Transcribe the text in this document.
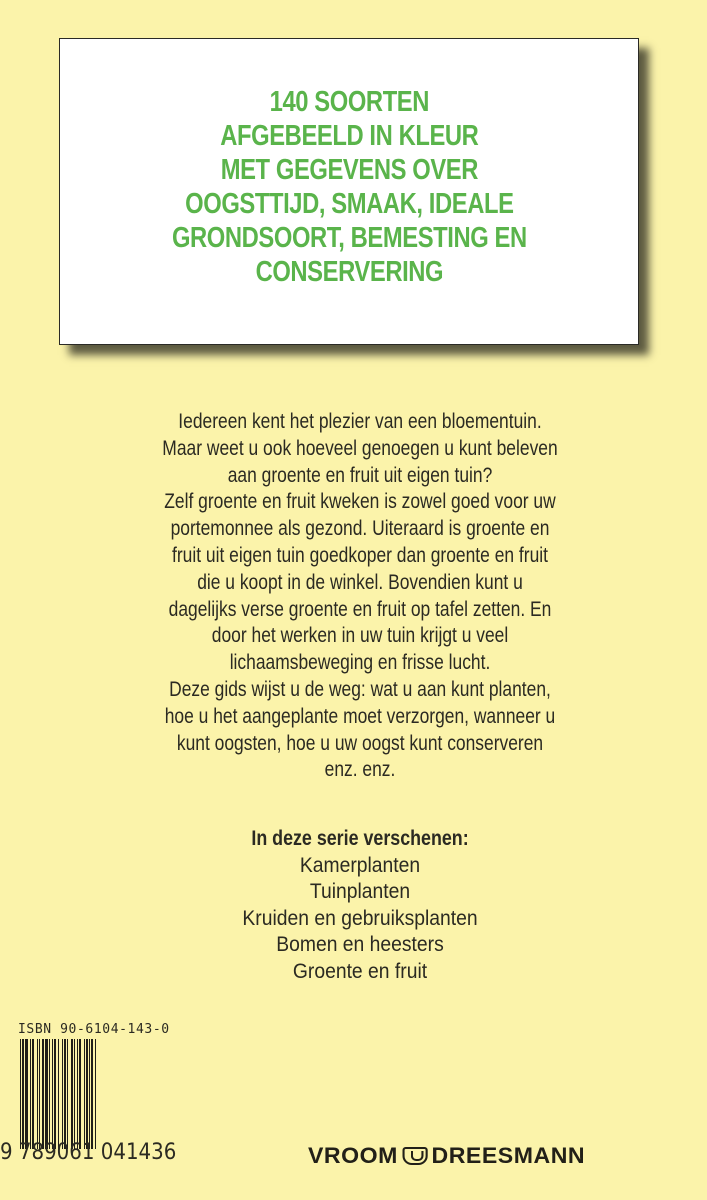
140 SOORTEN
AFGEBEELD IN KLEUR
MET GEGEVENS OVER
OOGSTTIJD, SMAAK, IDEALE
GRONDSOORT, BEMESTING EN
CONSERVERING
Iedereen kent het plezier van een bloementuin.
Maar weet u ook hoeveel genoegen u kunt beleven
aan groente en fruit uit eigen tuin?
Zelf groente en fruit kweken is zowel goed voor uw
portemonnee als gezond. Uiteraard is groente en
fruit uit eigen tuin goedkoper dan groente en fruit
die u koopt in de winkel. Bovendien kunt u
dagelijks verse groente en fruit op tafel zetten. En
door het werken in uw tuin krijgt u veel
lichaamsbeweging en frisse lucht.
Deze gids wijst u de weg: wat u aan kunt planten,
hoe u het aangeplante moet verzorgen, wanneer u
kunt oogsten, hoe u uw oogst kunt conserveren
enz. enz.
In deze serie verschenen:
Kamerplanten
Tuinplanten
Kruiden en gebruiksplanten
Bomen en heesters
Groente en fruit
ISBN 90-6104-143-0
9 789061 041436	VROOM DREESMANN
